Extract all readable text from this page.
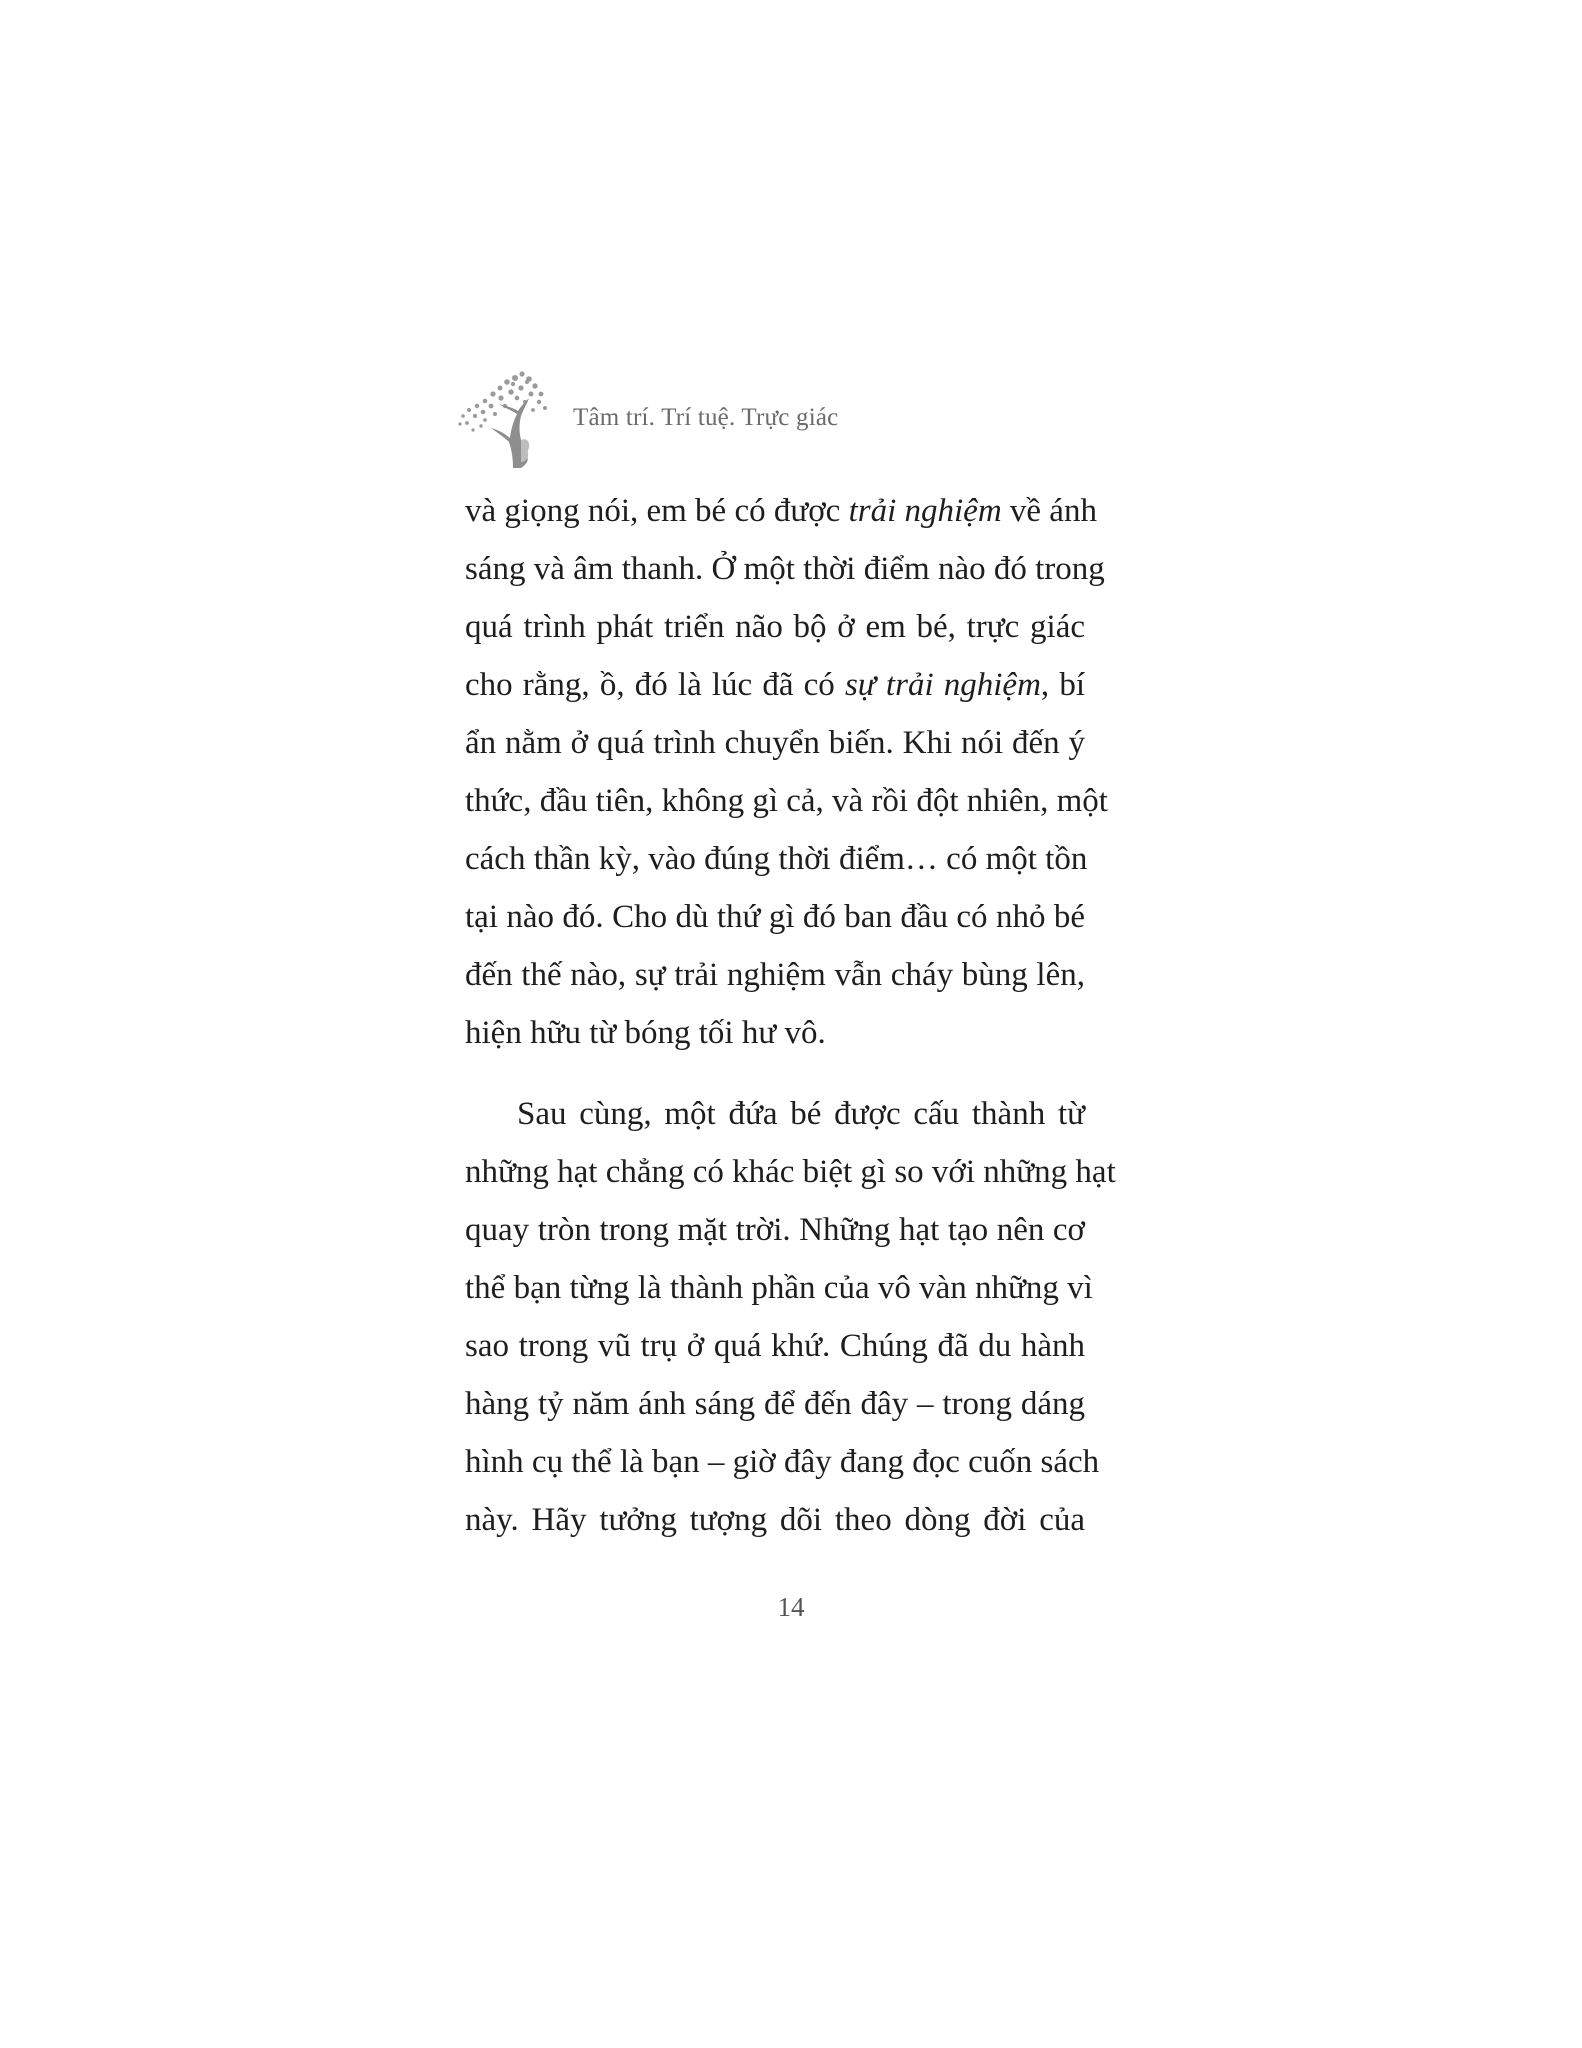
Tâm trí. Trí tuệ. Trực giác
và giọng nói, em bé có được trải nghiệm về ánh
sáng và âm thanh. Ở một thời điểm nào đó trong
quá trình phát triển não bộ ở em bé, trực giác
cho rằng, ồ, đó là lúc đã có sự trải nghiệm, bí
ẩn nằm ở quá trình chuyển biến. Khi nói đến ý
thức, đầu tiên, không gì cả, và rồi đột nhiên, một
cách thần kỳ, vào đúng thời điểm… có một tồn
tại nào đó. Cho dù thứ gì đó ban đầu có nhỏ bé
đến thế nào, sự trải nghiệm vẫn cháy bùng lên,
hiện hữu từ bóng tối hư vô.
Sau cùng, một đứa bé được cấu thành từ
những hạt chẳng có khác biệt gì so với những hạt
quay tròn trong mặt trời. Những hạt tạo nên cơ
thể bạn từng là thành phần của vô vàn những vì
sao trong vũ trụ ở quá khứ. Chúng đã du hành
hàng tỷ năm ánh sáng để đến đây – trong dáng
hình cụ thể là bạn – giờ đây đang đọc cuốn sách
này. Hãy tưởng tượng dõi theo dòng đời của
14
